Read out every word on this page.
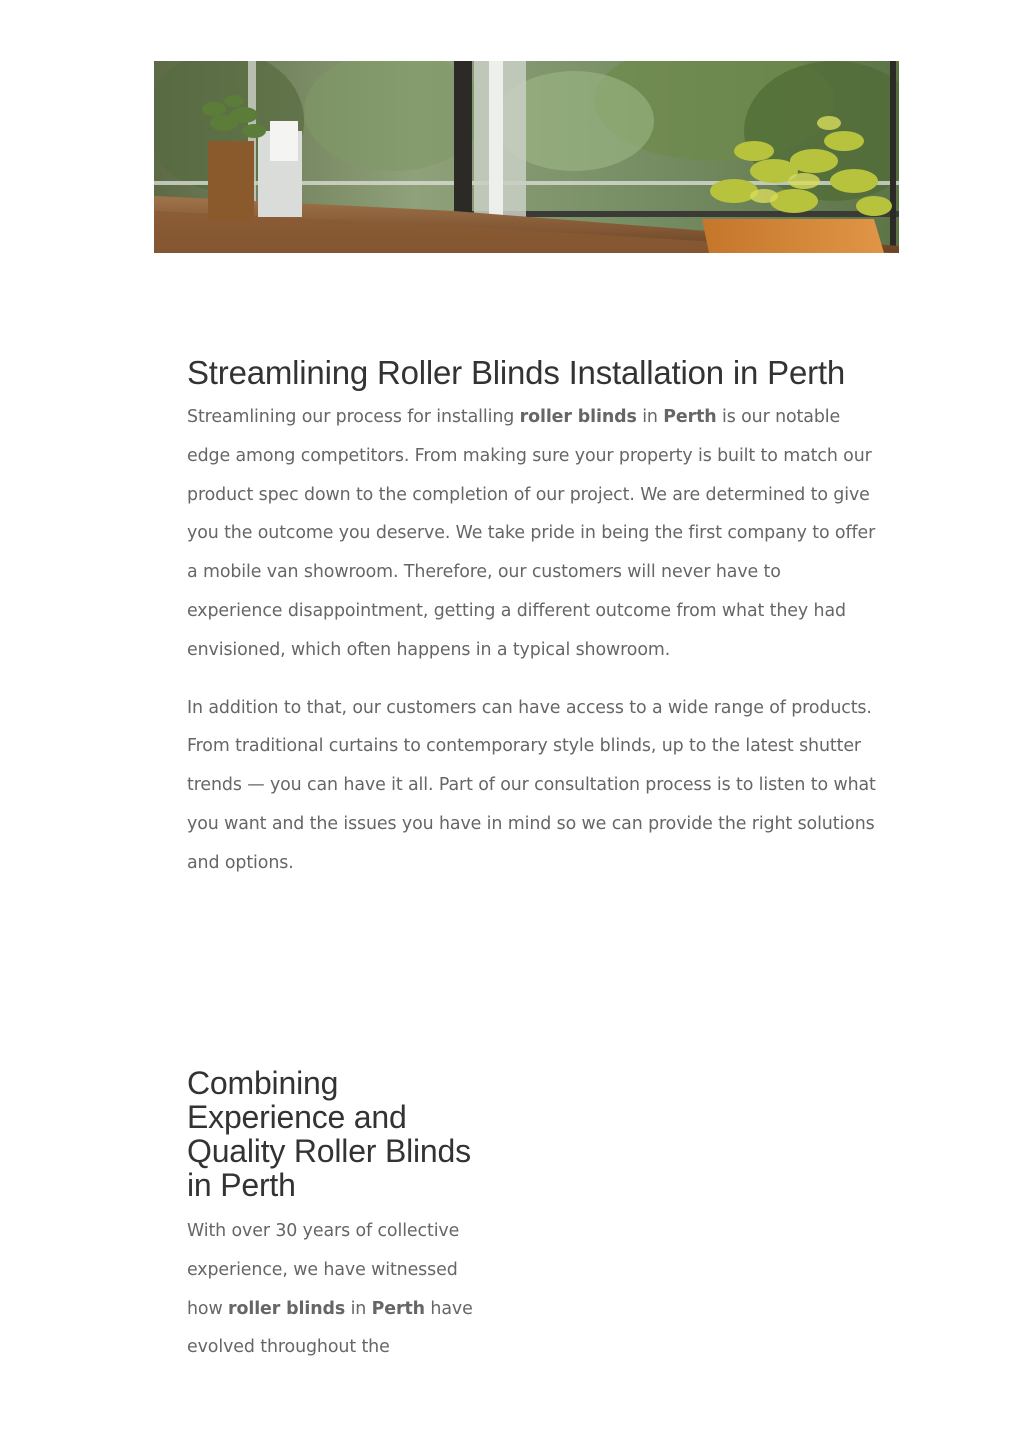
Streamlining Roller Blinds Installation in Perth

Streamlining our process for installing roller blinds in Perth is our notable edge among competitors. From making sure your property is built to match our product spec down to the completion of our project. We are determined to give you the outcome you deserve. We take pride in being the first company to offer a mobile van showroom. Therefore, our customers will never have to experience disappointment, getting a different outcome from what they had envisioned, which often happens in a typical showroom.

In addition to that, our customers can have access to a wide range of products. From traditional curtains to contemporary style blinds, up to the latest shutter trends — you can have it all. Part of our consultation process is to listen to what you want and the issues you have in mind so we can provide the right solutions and options.

Combining Experience and Quality Roller Blinds in Perth

With over 30 years of collective experience, we have witnessed how roller blinds in Perth have evolved throughout the
